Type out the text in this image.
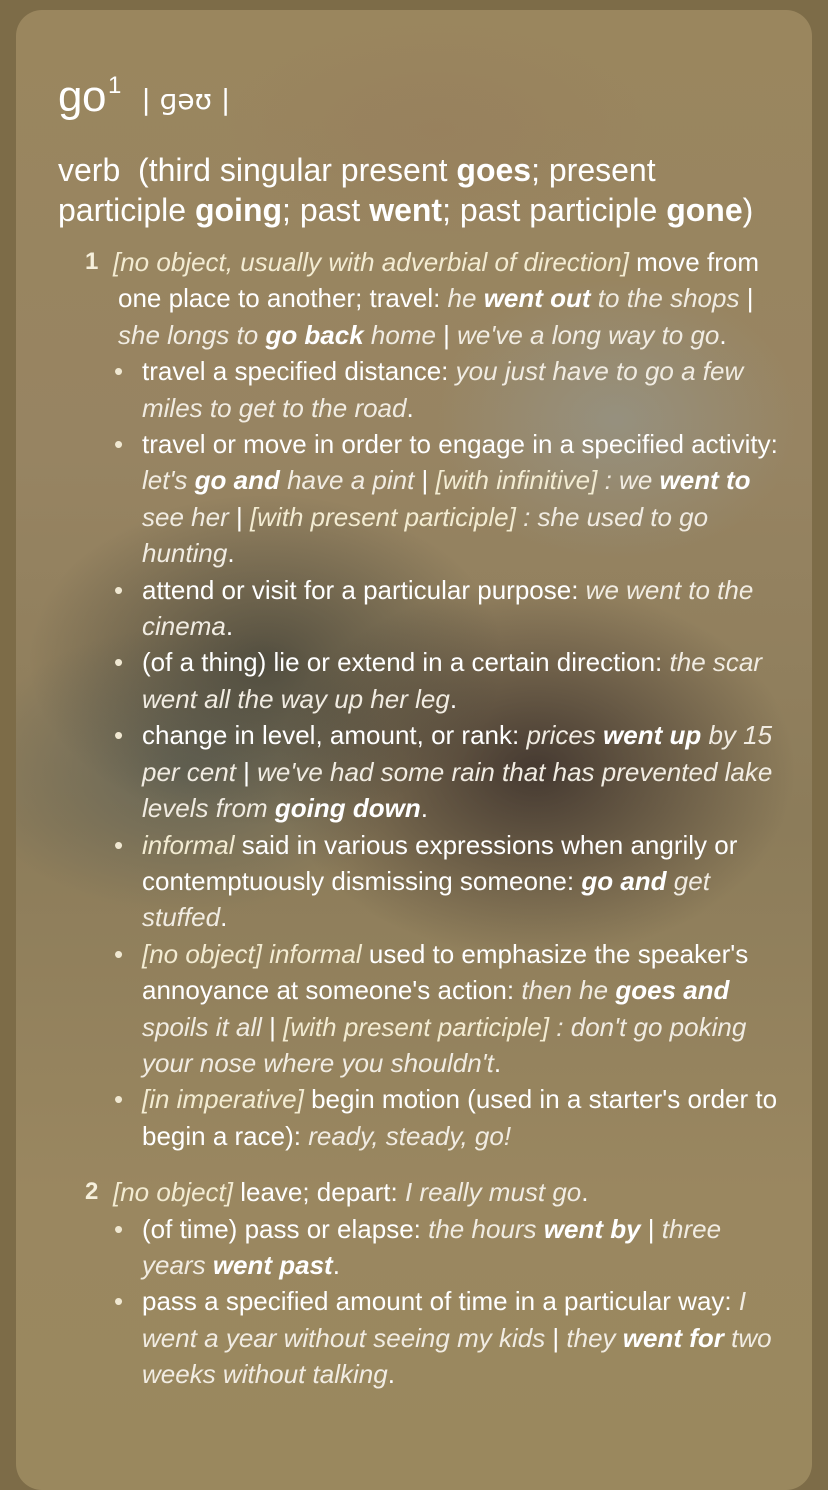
go1 | ɡəʊ |
verb (third singular present goes; present participle going; past went; past participle gone)
1 [no object, usually with adverbial of direction] move from one place to another; travel: he went out to the shops | she longs to go back home | we've a long way to go.
• travel a specified distance: you just have to go a few miles to get to the road.
• travel or move in order to engage in a specified activity: let's go and have a pint | [with infinitive] : we went to see her | [with present participle] : she used to go hunting.
• attend or visit for a particular purpose: we went to the cinema.
• (of a thing) lie or extend in a certain direction: the scar went all the way up her leg.
• change in level, amount, or rank: prices went up by 15 per cent | we've had some rain that has prevented lake levels from going down.
• informal said in various expressions when angrily or contemptuously dismissing someone: go and get stuffed.
• [no object] informal used to emphasize the speaker's annoyance at someone's action: then he goes and spoils it all | [with present participle] : don't go poking your nose where you shouldn't.
• [in imperative] begin motion (used in a starter's order to begin a race): ready, steady, go!
2 [no object] leave; depart: I really must go.
• (of time) pass or elapse: the hours went by | three years went past.
• pass a specified amount of time in a particular way: I went a year without seeing my kids | they went for two weeks without talking.
